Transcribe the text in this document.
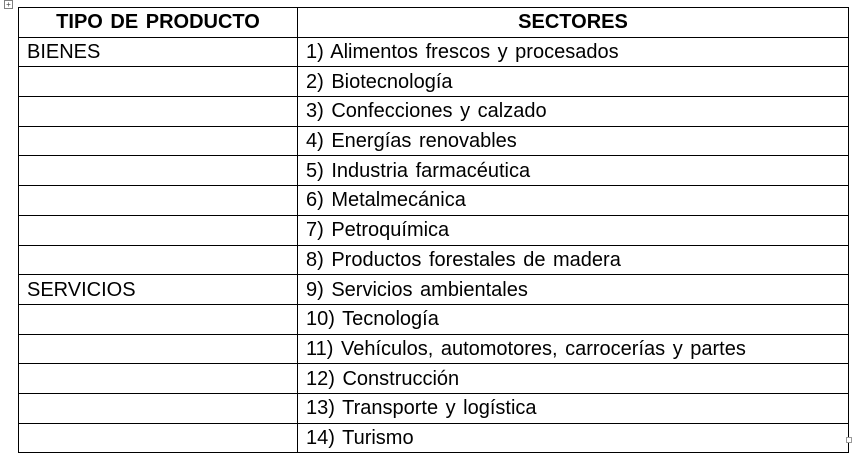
+
TIPO DE PRODUCTO	SECTORES
BIENES	1) Alimentos frescos y procesados
	2) Biotecnología
	3) Confecciones y calzado
	4) Energías renovables
	5) Industria farmacéutica
	6) Metalmecánica
	7) Petroquímica
	8) Productos forestales de madera
SERVICIOS	9) Servicios ambientales
	10) Tecnología
	11) Vehículos, automotores, carrocerías y partes
	12) Construcción
	13) Transporte y logística
	14) Turismo
